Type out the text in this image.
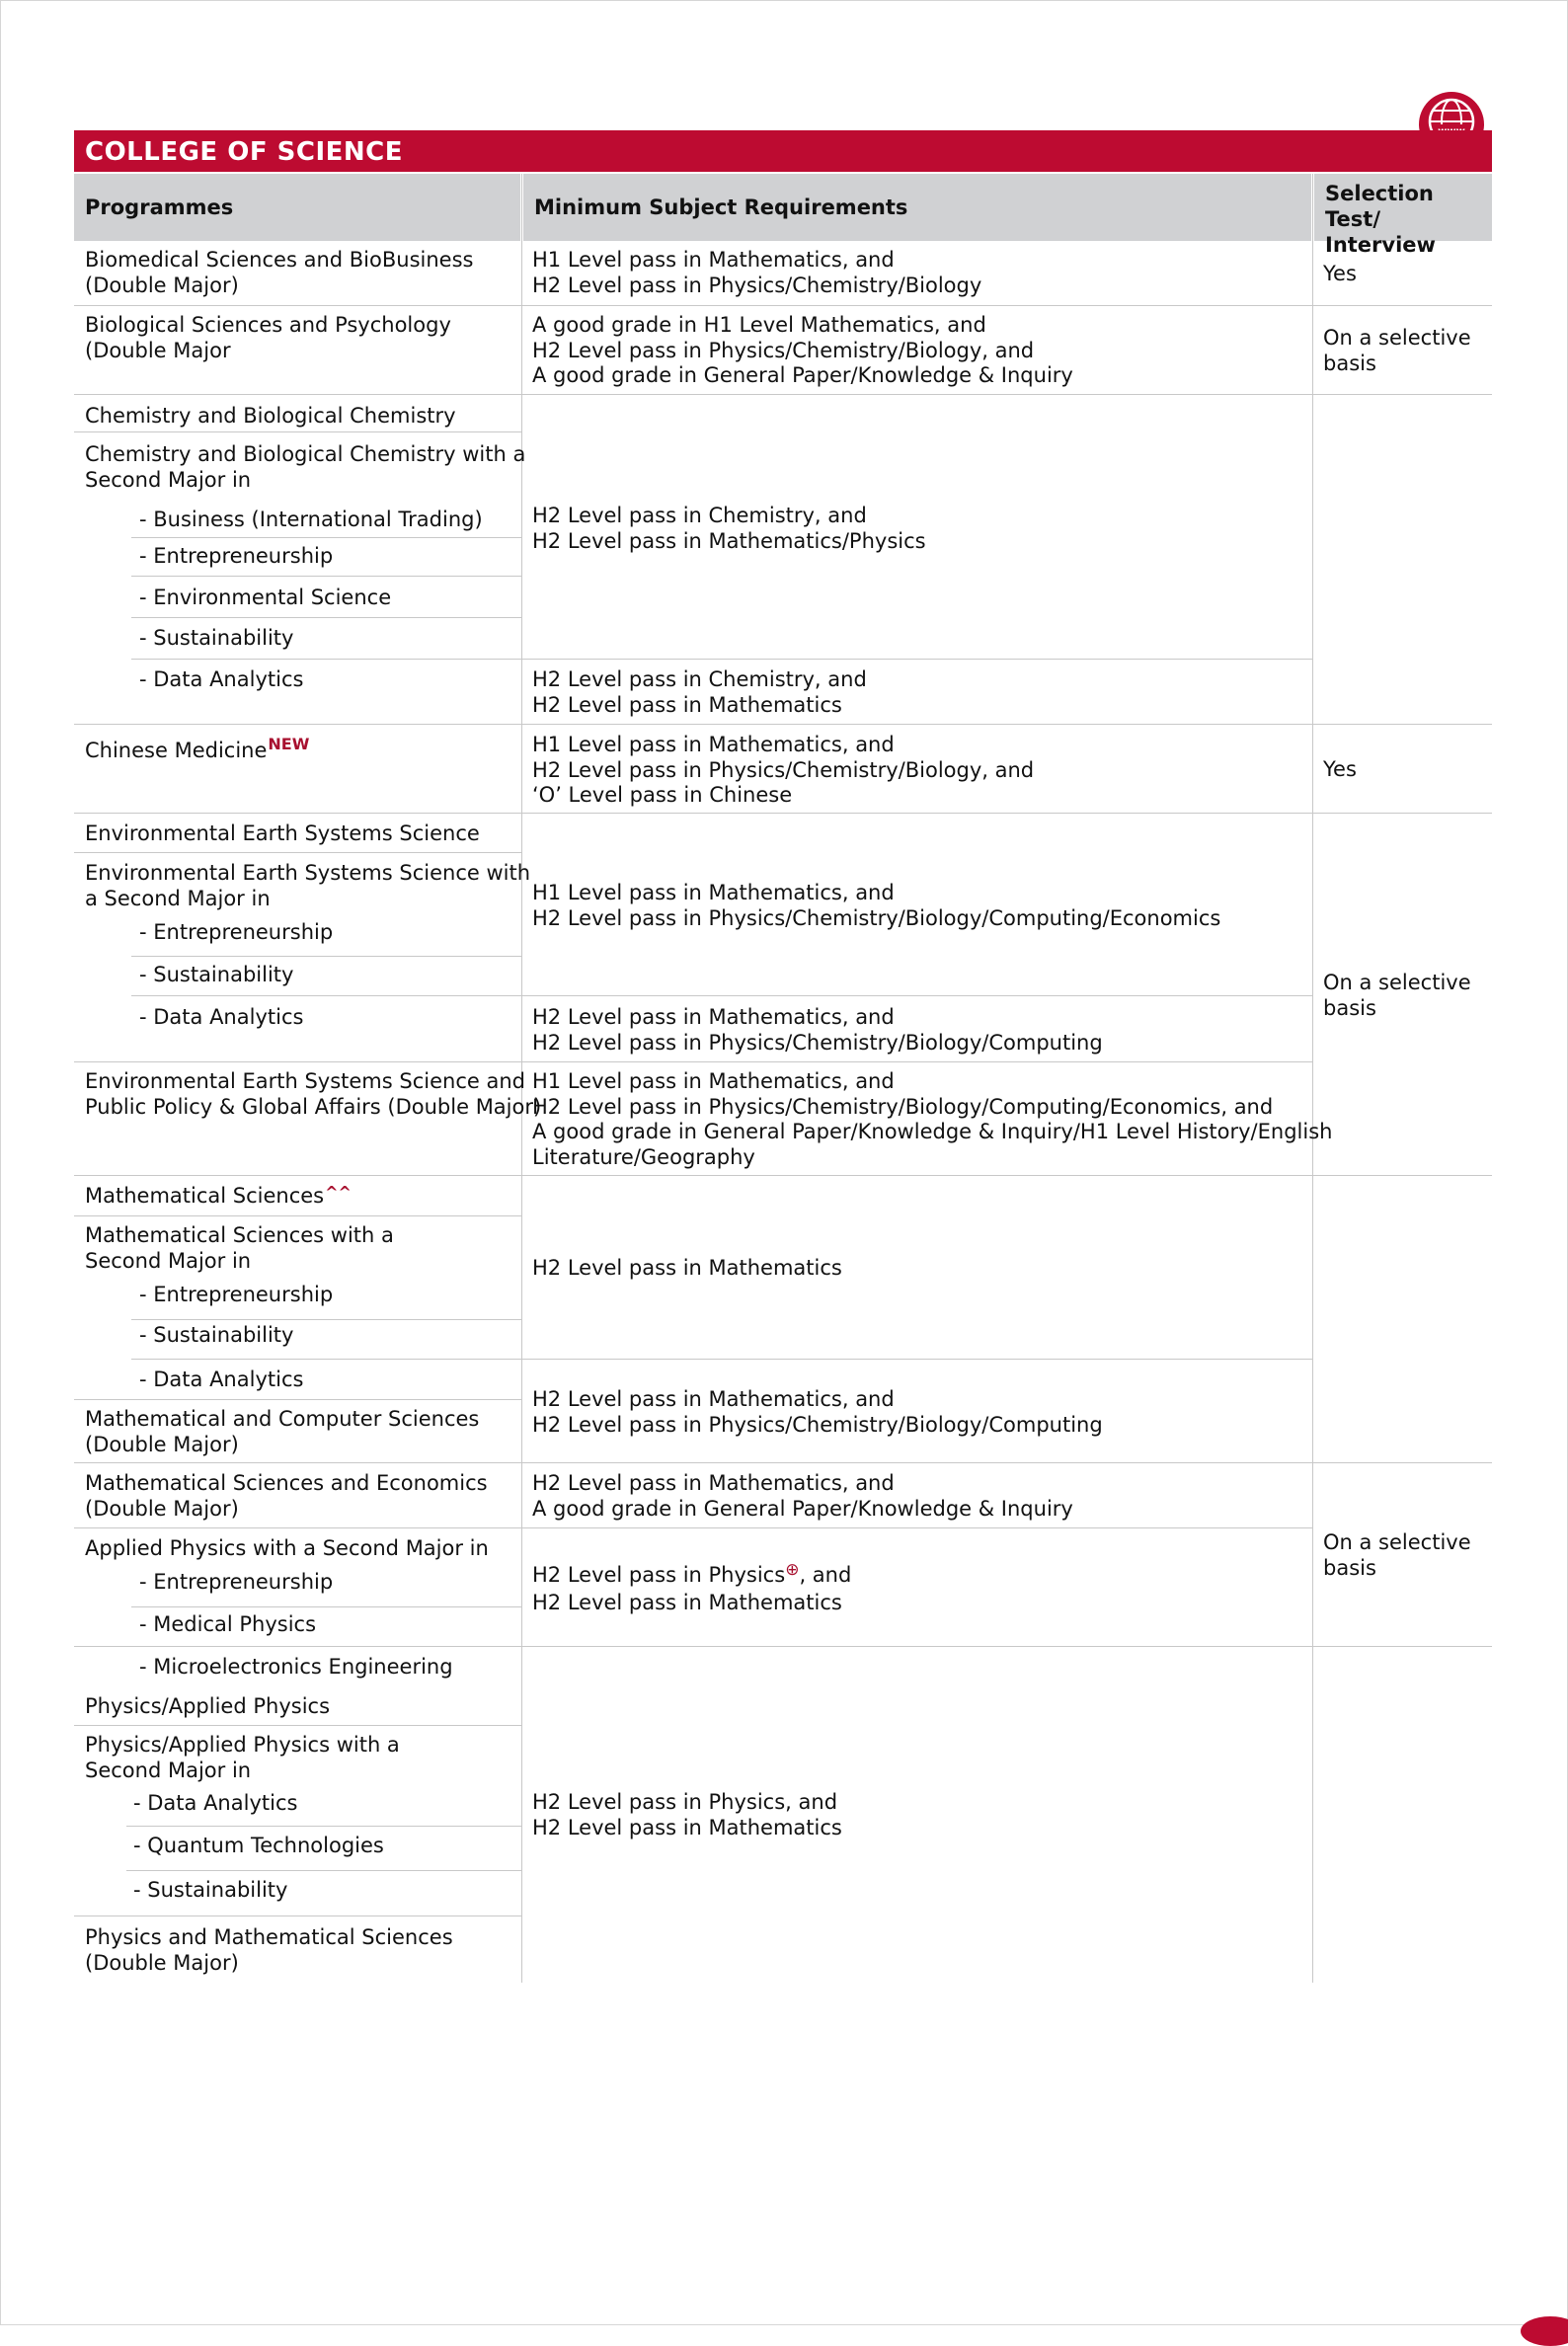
COLLEGE OF SCIENCE
Programmes	Minimum Subject Requirements
Selection Test/
Interview
Biomedical Sciences and BioBusiness
(Double Major)
Biological Sciences and Psychology
(Double Major
Chemistry and Biological Chemistry
Chemistry and Biological Chemistry with a
Second Major in
- Business (International Trading)
- Entrepreneurship
- Environmental Science
- Sustainability
- Data Analytics
Chinese Medicine$^{NEW}$
Environmental Earth Systems Science
Environmental Earth Systems Science with
a Second Major in
- Entrepreneurship
- Sustainability
- Data Analytics
Environmental Earth Systems Science and
Public Policy & Global Affairs (Double Major)
Mathematical Sciences^^
Mathematical Sciences with a
Second Major in
- Entrepreneurship
- Sustainability
- Data Analytics
Mathematical and Computer Sciences
(Double Major)
Mathematical Sciences and Economics
(Double Major)
Applied Physics with a Second Major in
- Entrepreneurship
- Medical Physics
- Microelectronics Engineering
Physics/Applied Physics
Physics/Applied Physics with a
Second Major in
- Data Analytics
- Quantum Technologies
- Sustainability
Physics and Mathematical Sciences
(Double Major)
H1 Level pass in Mathematics, and
H2 Level pass in Physics/Chemistry/Biology
A good grade in H1 Level Mathematics, and
H2 Level pass in Physics/Chemistry/Biology, and
A good grade in General Paper/Knowledge & Inquiry
H2 Level pass in Chemistry, and
H2 Level pass in Mathematics/Physics
H2 Level pass in Chemistry, and
H2 Level pass in Mathematics
H1 Level pass in Mathematics, and
H2 Level pass in Physics/Chemistry/Biology, and
‘O’ Level pass in Chinese
H1 Level pass in Mathematics, and
H2 Level pass in Physics/Chemistry/Biology/Computing/Economics
H2 Level pass in Mathematics, and
H2 Level pass in Physics/Chemistry/Biology/Computing
H1 Level pass in Mathematics, and
H2 Level pass in Physics/Chemistry/Biology/Computing/Economics, and
A good grade in General Paper/Knowledge & Inquiry/H1 Level History/English
Literature/Geography
H2 Level pass in Mathematics
H2 Level pass in Mathematics, and
H2 Level pass in Physics/Chemistry/Biology/Computing
H2 Level pass in Mathematics, and
A good grade in General Paper/Knowledge & Inquiry
H2 Level pass in Physics⊕, and
H2 Level pass in Mathematics
H2 Level pass in Physics, and
H2 Level pass in Mathematics
Yes
On a selective
basis
Yes
On a selective
basis
On a selective
basis
